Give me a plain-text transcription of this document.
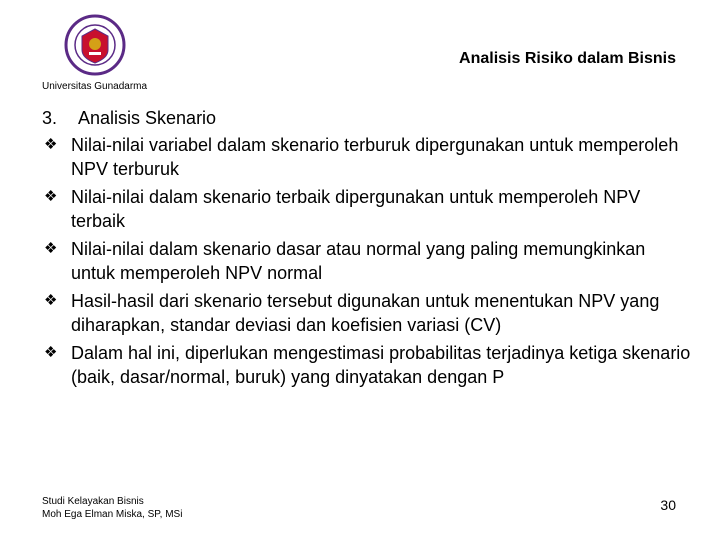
Analisis Risiko dalam Bisnis
Universitas Gunadarma
3. Analisis Skenario
❖ Nilai-nilai variabel dalam skenario terburuk dipergunakan untuk memperoleh NPV terburuk
❖ Nilai-nilai dalam skenario terbaik dipergunakan untuk memperoleh NPV terbaik
❖ Nilai-nilai dalam skenario dasar atau normal yang paling memungkinkan untuk memperoleh NPV normal
❖ Hasil-hasil dari skenario tersebut digunakan untuk menentukan NPV yang diharapkan, standar deviasi dan koefisien variasi (CV)
❖ Dalam hal ini, diperlukan mengestimasi probabilitas terjadinya ketiga skenario (baik, dasar/normal, buruk) yang dinyatakan dengan P
Studi Kelayakan Bisnis
Moh Ega Elman Miska, SP, MSi
30
